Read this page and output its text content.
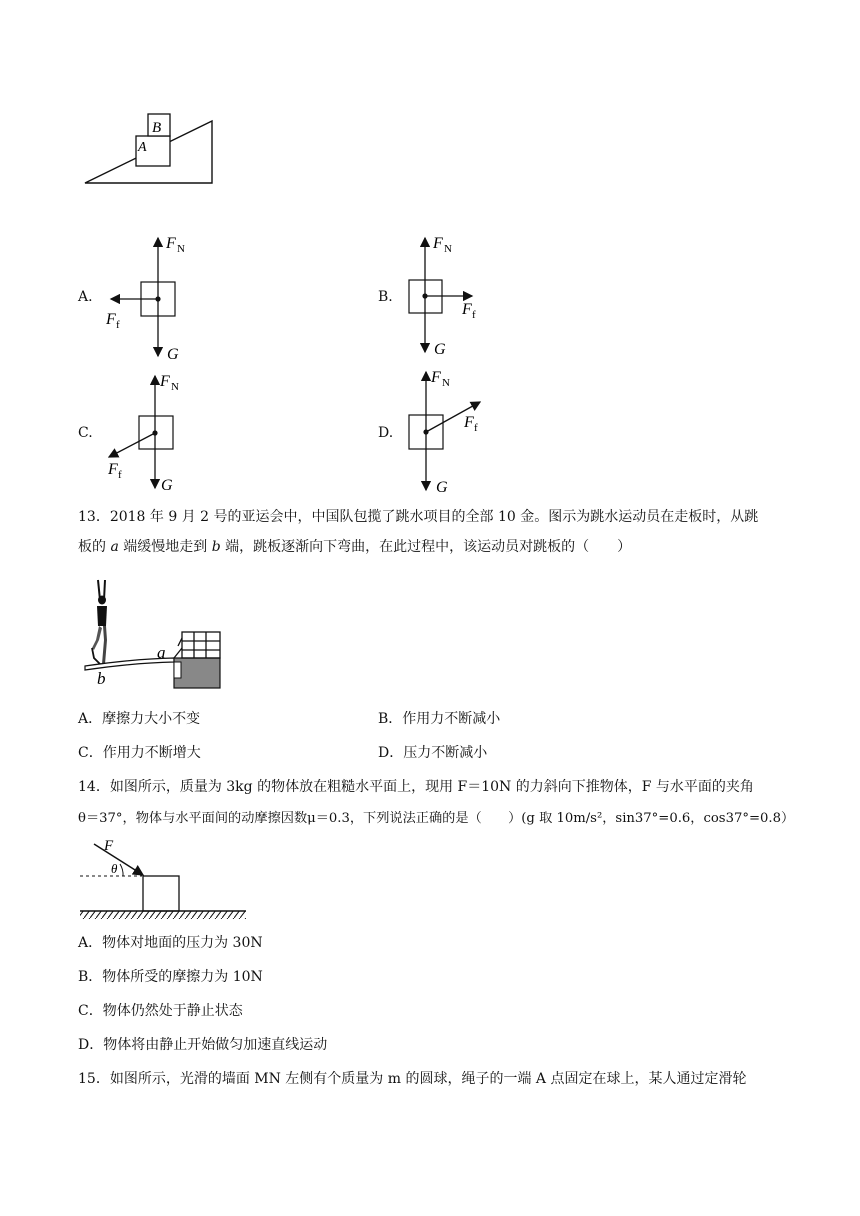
B
A
A.
F N
F f
G
B.
F N
F f
G
C.
F N
F f
G
D.
F N
F f
G
13．2018 年 9 月 2 号的亚运会中，中国队包揽了跳水项目的全部 10 金。图示为跳水运动员在走板时，从跳
板的 a 端缓慢地走到 b 端，跳板逐渐向下弯曲，在此过程中，该运动员对跳板的（　　）
a
b
A．摩擦力大小不变	B．作用力不断减小
C．作用力不断增大	D．压力不断减小
14．如图所示，质量为 3kg 的物体放在粗糙水平面上，现用 F＝10N 的力斜向下推物体，F 与水平面的夹角
θ＝37°，物体与水平面间的动摩擦因数μ＝0.3，下列说法正确的是（　　）(g 取 10m/s²，sin37°=0.6，cos37°=0.8）
F
θ
A．物体对地面的压力为 30N
B．物体所受的摩擦力为 10N
C．物体仍然处于静止状态
D．物体将由静止开始做匀加速直线运动
15．如图所示，光滑的墙面 MN 左侧有个质量为 m 的圆球，绳子的一端 A 点固定在球上，某人通过定滑轮
